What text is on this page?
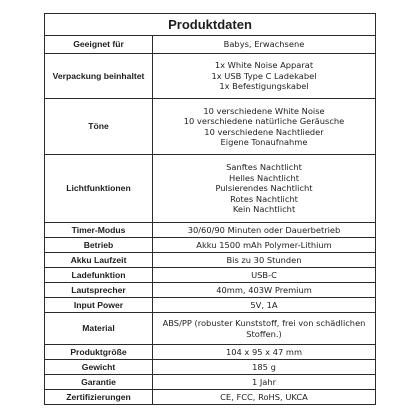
Produktdaten	
Geeignet für	Babys, Erwachsene

Verpackung beinhaltet	1x White Noise Apparat
1x USB Type C Ladekabel
1x Befestigungskabel

Töne	10 verschiedene White Noise
10 verschiedene natürliche Geräusche
10 verschiedene Nachtlieder
Eigene Tonaufnahme

Lichtfunktionen	Sanftes Nachtlicht
Helles Nachtlicht
Pulsierendes Nachtlicht
Rotes Nachtlicht
Kein Nachtlicht

Timer-Modus	30/60/90 Minuten oder Dauerbetrieb

Betrieb	Akku 1500 mAh Polymer-Lithium

Akku Laufzeit	Bis zu 30 Stunden

Ladefunktion	USB-C

Lautsprecher	40mm, 403W Premium

Input Power	5V, 1A

Material	ABS/PP (robuster Kunststoff, frei von schädlichen Stoffen.)

Produktgröße	104 x 95 x 47 mm

Gewicht	185 g

Garantie	1 Jahr

Zertifizierungen	CE, FCC, RoHS, UKCA
